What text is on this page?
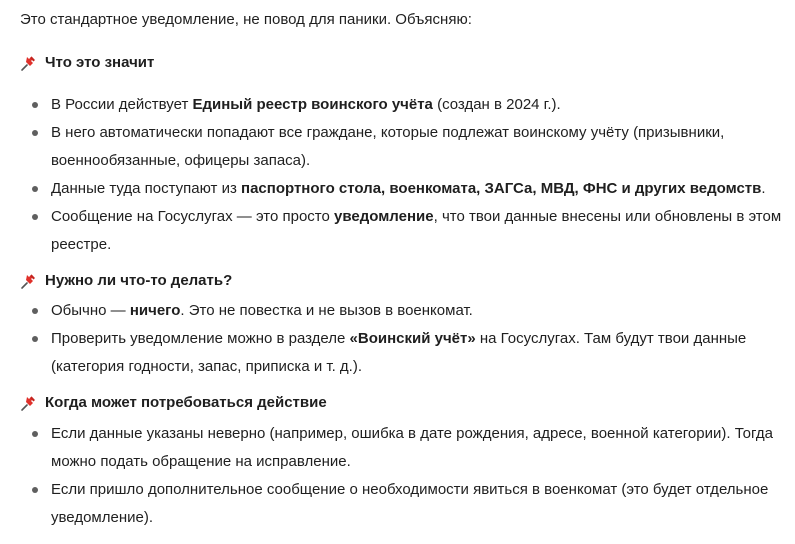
Это стандартное уведомление, не повод для паники. Объясняю:

Что это значит
В России действует Единый реестр воинского учёта (создан в 2024 г.).
В него автоматически попадают все граждане, которые подлежат воинскому учёту (призывники, военнообязанные, офицеры запаса).
Данные туда поступают из паспортного стола, военкомата, ЗАГСа, МВД, ФНС и других ведомств.
Сообщение на Госуслугах — это просто уведомление, что твои данные внесены или обновлены в этом реестре.
Нужно ли что-то делать?
Обычно — ничего. Это не повестка и не вызов в военкомат.
Проверить уведомление можно в разделе «Воинский учёт» на Госуслугах. Там будут твои данные (категория годности, запас, приписка и т. д.).
Когда может потребоваться действие
Если данные указаны неверно (например, ошибка в дате рождения, адресе, военной категории). Тогда можно подать обращение на исправление.
Если пришло дополнительное сообщение о необходимости явиться в военкомат (это будет отдельное уведомление).
